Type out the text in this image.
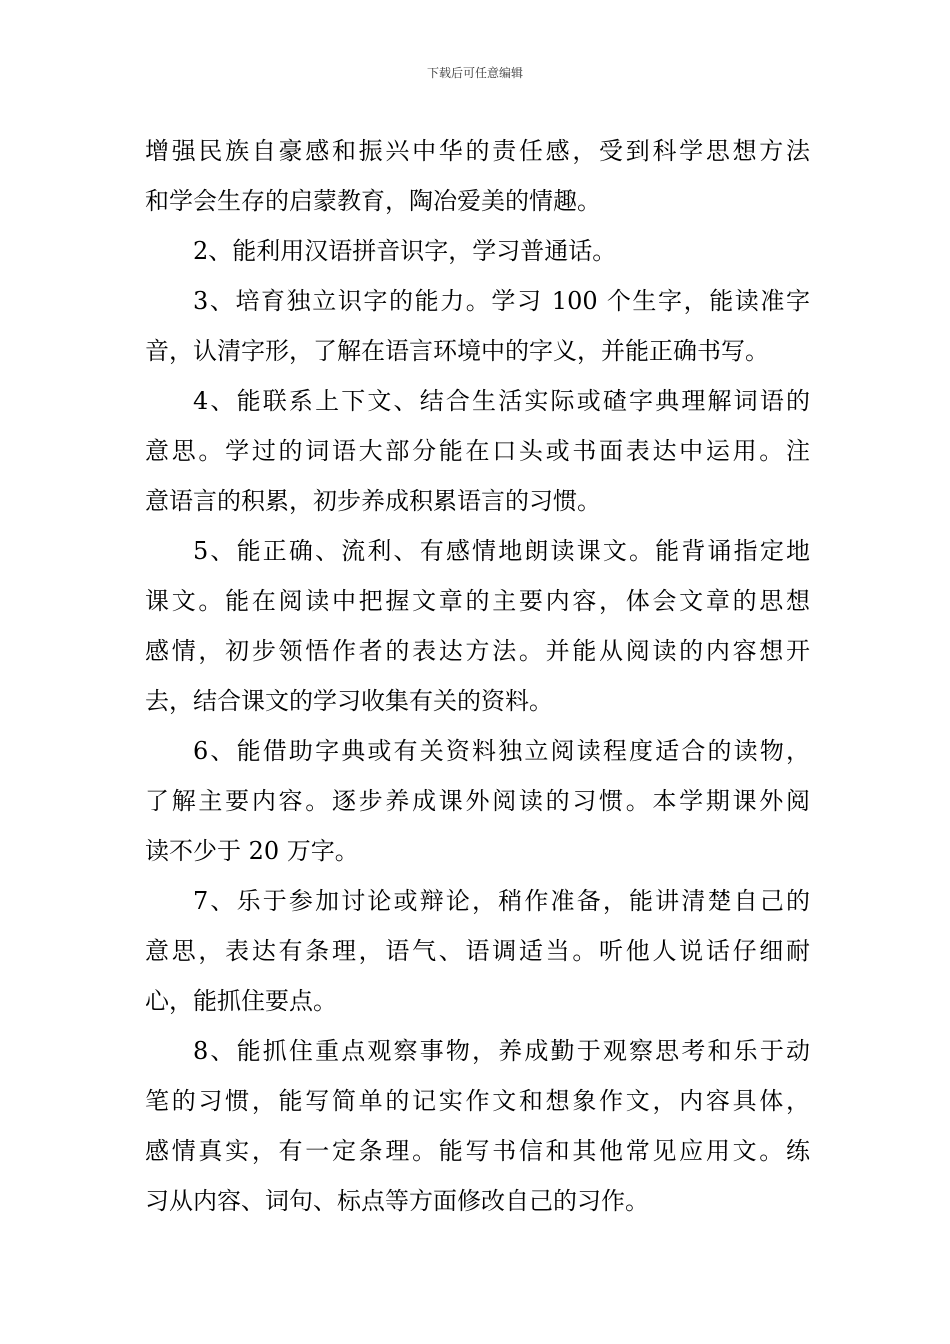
下载后可任意编辑
增强民族自豪感和振兴中华的责任感，受到科学思想方法
和学会生存的启蒙教育，陶冶爱美的情趣。
2、能利用汉语拼音识字，学习普通话。
3、培育独立识字的能力。学习 100 个生字，能读准字
音，认清字形，了解在语言环境中的字义，并能正确书写。
4、能联系上下文、结合生活实际或碴字典理解词语的
意思。学过的词语大部分能在口头或书面表达中运用。注
意语言的积累，初步养成积累语言的习惯。
5、能正确、流利、有感情地朗读课文。能背诵指定地
课文。能在阅读中把握文章的主要内容，体会文章的思想
感情，初步领悟作者的表达方法。并能从阅读的内容想开
去，结合课文的学习收集有关的资料。
6、能借助字典或有关资料独立阅读程度适合的读物，
了解主要内容。逐步养成课外阅读的习惯。本学期课外阅
读不少于 20 万字。
7、乐于参加讨论或辩论，稍作准备，能讲清楚自己的
意思，表达有条理，语气、语调适当。听他人说话仔细耐
心，能抓住要点。
8、能抓住重点观察事物，养成勤于观察思考和乐于动
笔的习惯，能写简单的记实作文和想象作文，内容具体，
感情真实，有一定条理。能写书信和其他常见应用文。练
习从内容、词句、标点等方面修改自己的习作。
